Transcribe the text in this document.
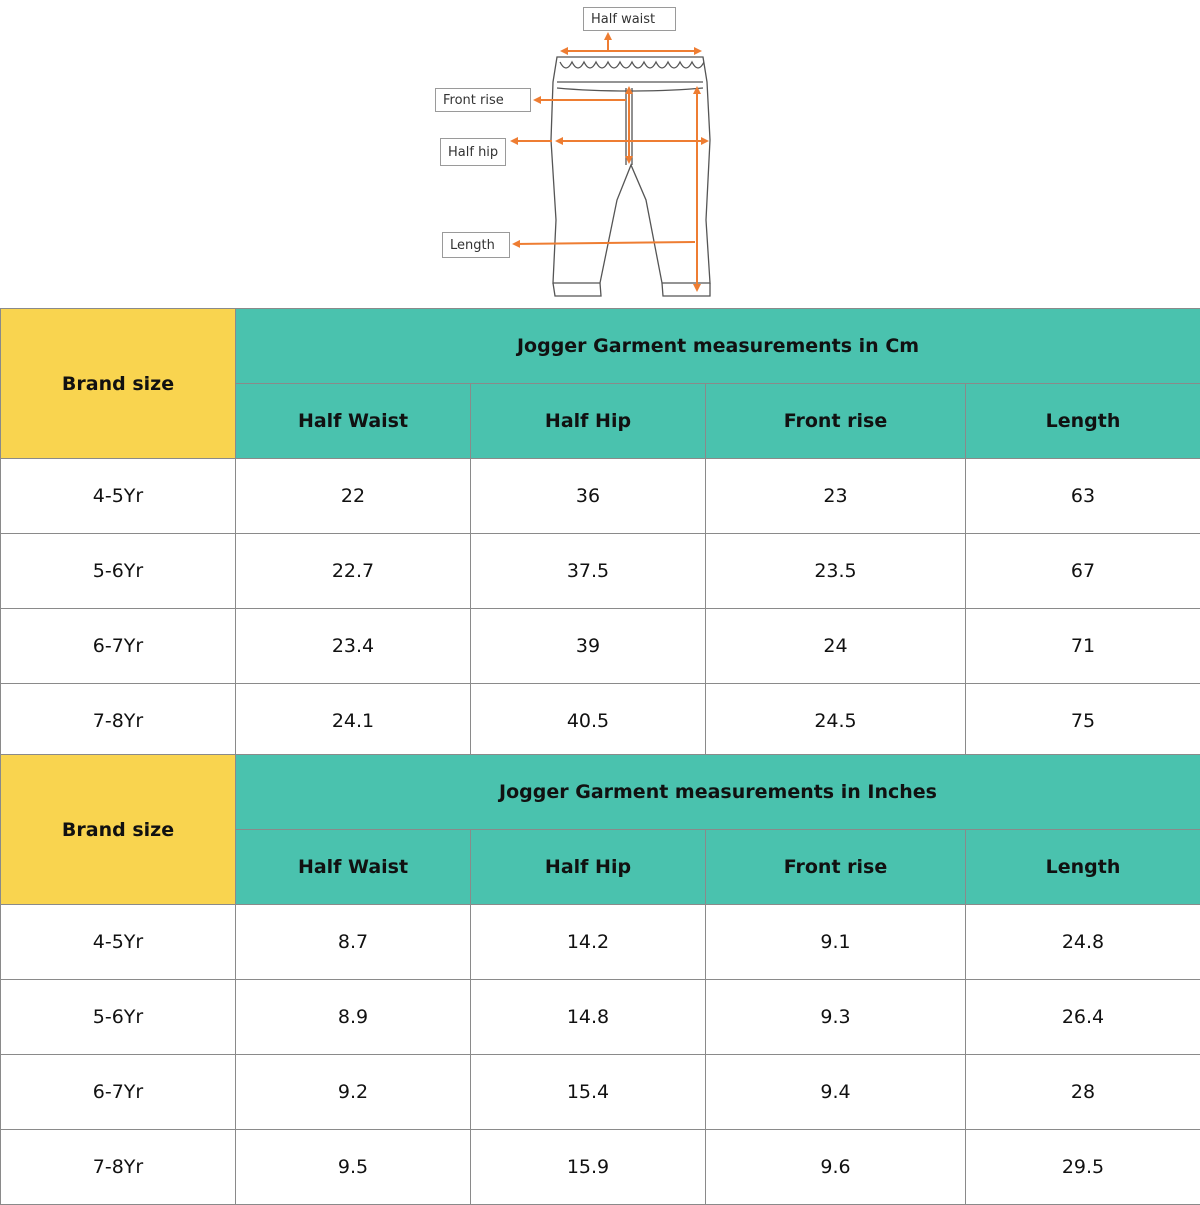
Half waist
Front rise
Half hip
Length
Brand size	Jogger Garment measurements in Cm			
	Half Waist	Half Hip	Front rise	Length
4-5Yr	22	36	23	63
5-6Yr	22.7	37.5	23.5	67
6-7Yr	23.4	39	24	71
7-8Yr	24.1	40.5	24.5	75
Brand size	Jogger Garment measurements in Inches			
	Half Waist	Half Hip	Front rise	Length
4-5Yr	8.7	14.2	9.1	24.8
5-6Yr	8.9	14.8	9.3	26.4
6-7Yr	9.2	15.4	9.4	28
7-8Yr	9.5	15.9	9.6	29.5
